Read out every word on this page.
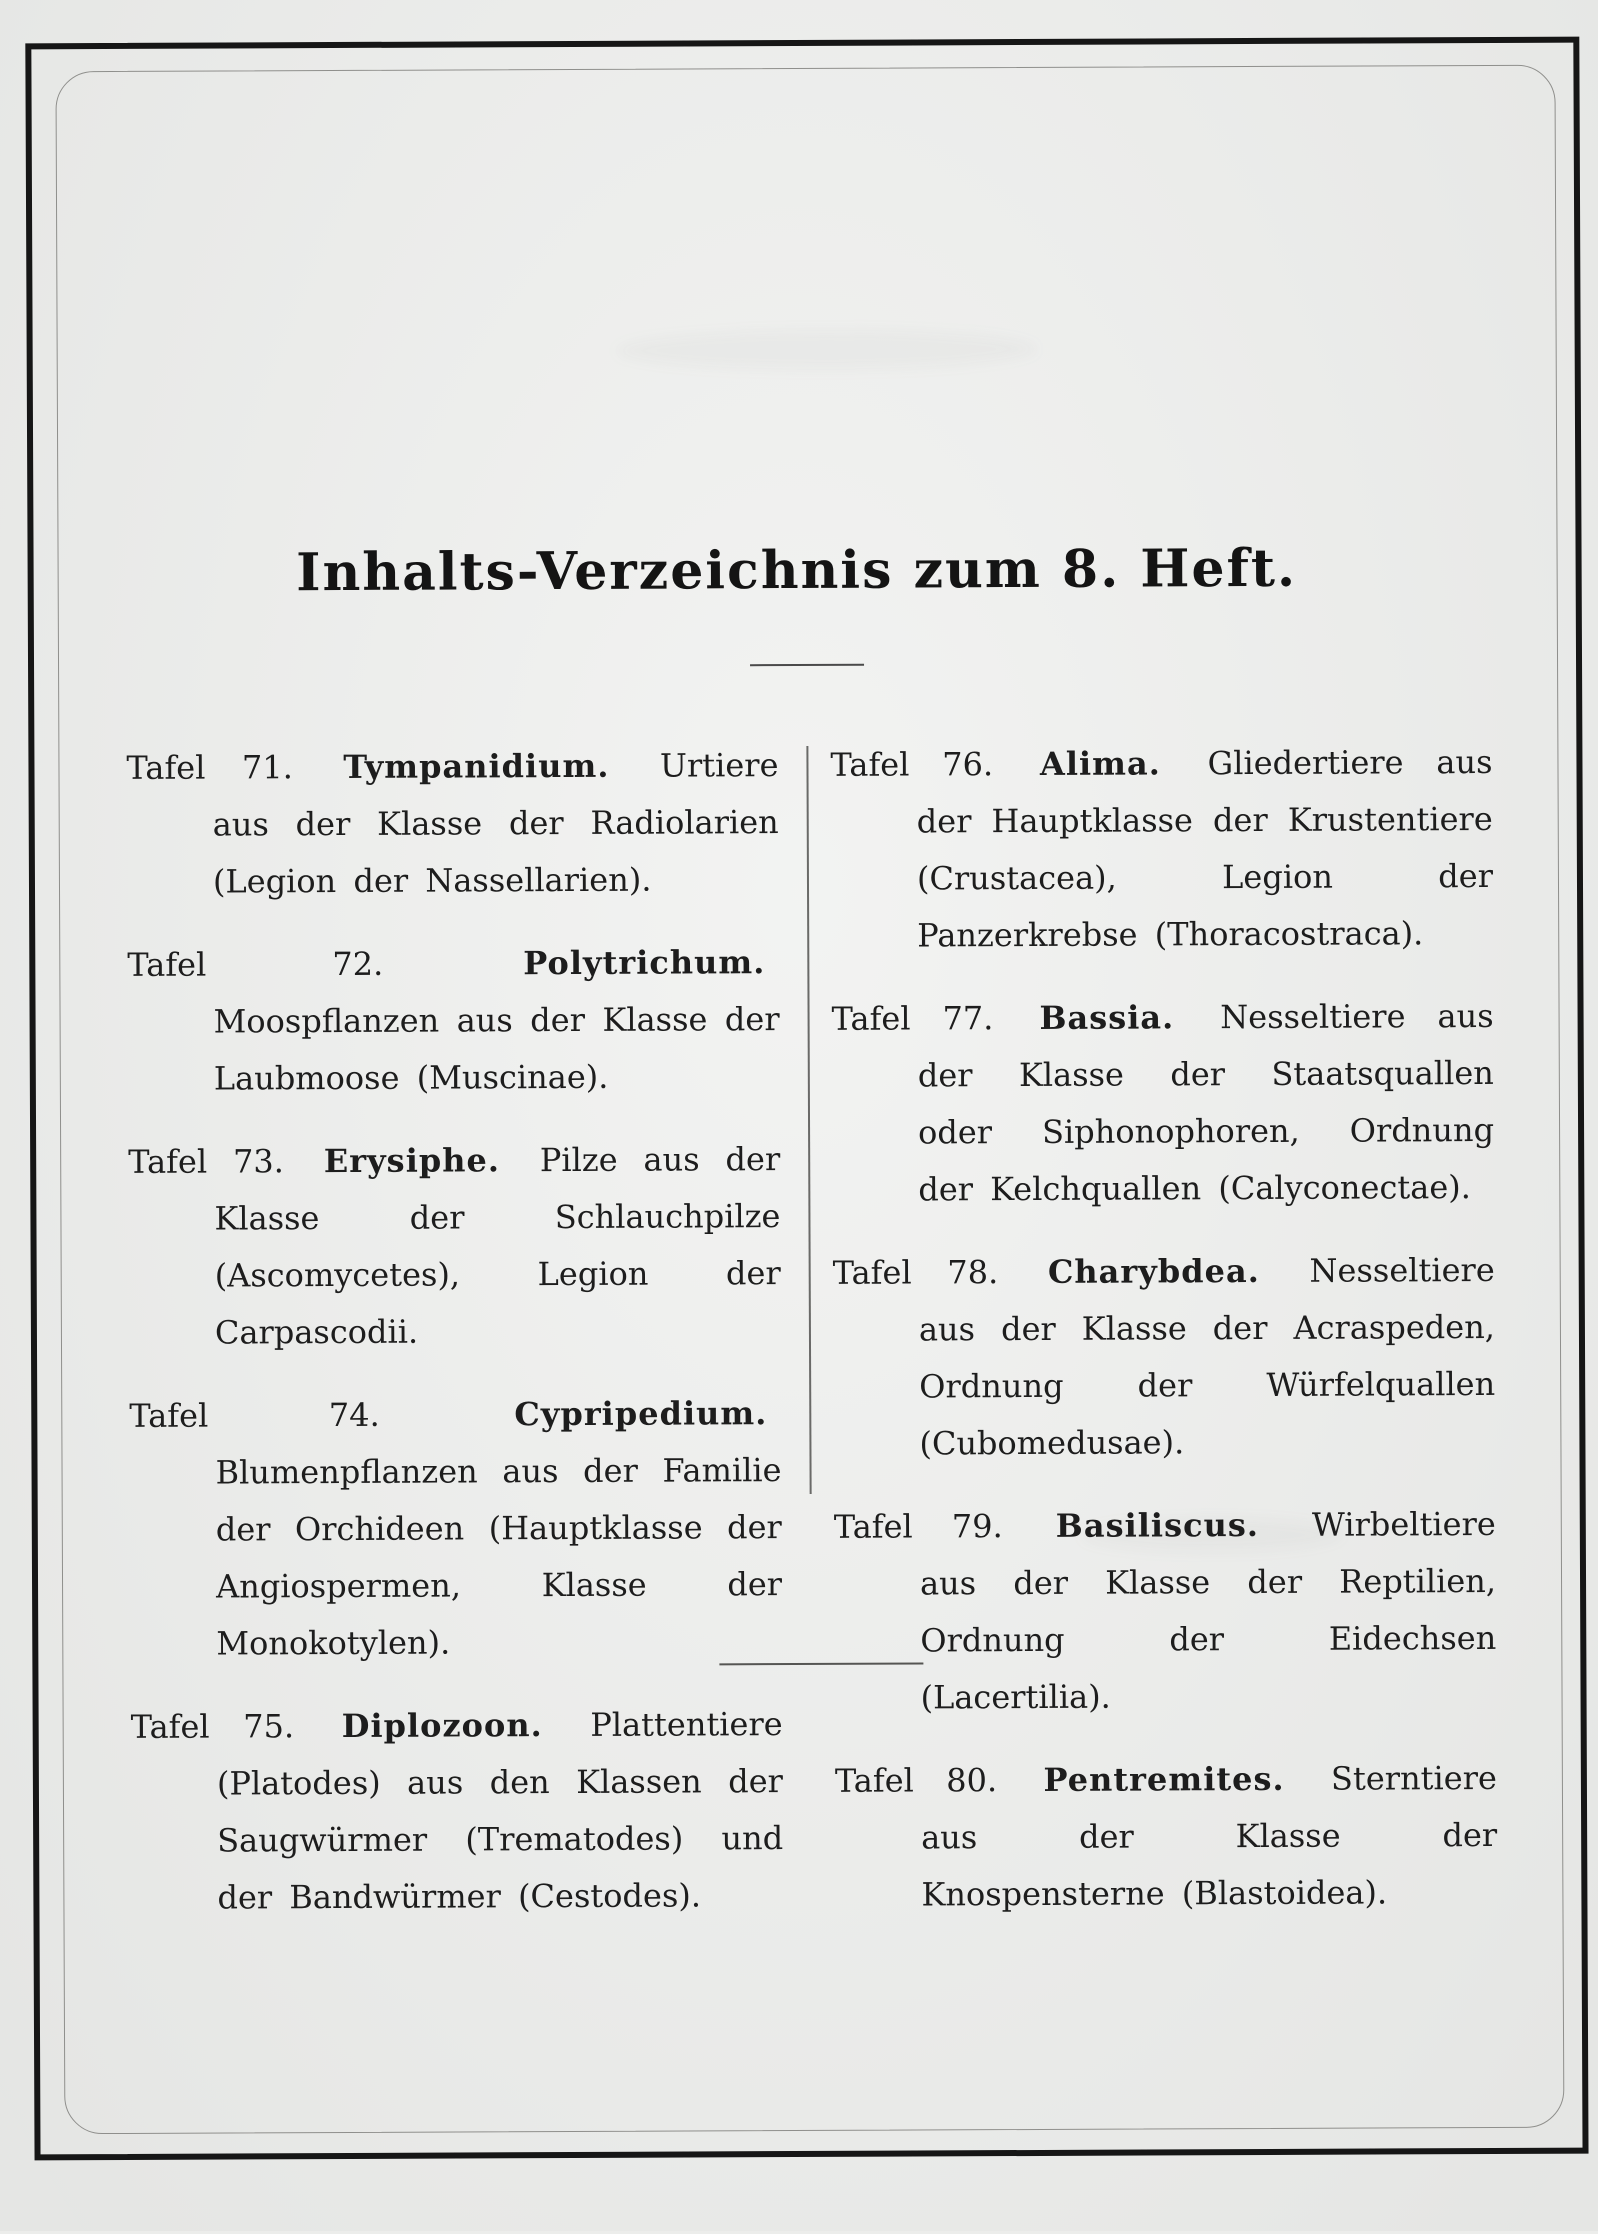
Inhalts-Verzeichnis zum 8. Heft.

Tafel 71. Tympanidium. Urtiere aus der Klasse der Radiolarien (Legion der Nassellarien).

Tafel 72.	Polytrichum. Moospflanzen aus der Klasse der Laubmoose (Muscinae).

Tafel 73. Erysiphe. Pilze aus der Klasse der Schlauchpilze (Ascomycetes), Legion der Carpascodii.

Tafel 74.	Cypripedium. Blumenpflanzen aus der Familie der Orchideen (Hauptklasse der Angiospermen, Klasse der Monokotylen).

Tafel 75. Diplozoon. Plattentiere (Platodes) aus den Klassen der Saugwürmer (Trematodes) und der Bandwürmer (Cestodes).

Tafel 76. Alima. Gliedertiere aus der Hauptklasse der Krustentiere (Crustacea), Legion der Panzerkrebse (Thoracostraca).

Tafel 77. Bassia. Nesseltiere aus der Klasse der Staatsquallen oder Siphonophoren, Ordnung der Kelchquallen (Calyconectae).

Tafel 78. Charybdea. Nesseltiere aus der Klasse der Acraspeden, Ordnung der Würfelquallen (Cubomedusae).

Tafel 79. Basiliscus. Wirbeltiere aus der Klasse der Reptilien, Ordnung der Eidechsen (Lacertilia).

Tafel 80. Pentremites. Sterntiere aus der Klasse der Knospensterne (Blastoidea).
